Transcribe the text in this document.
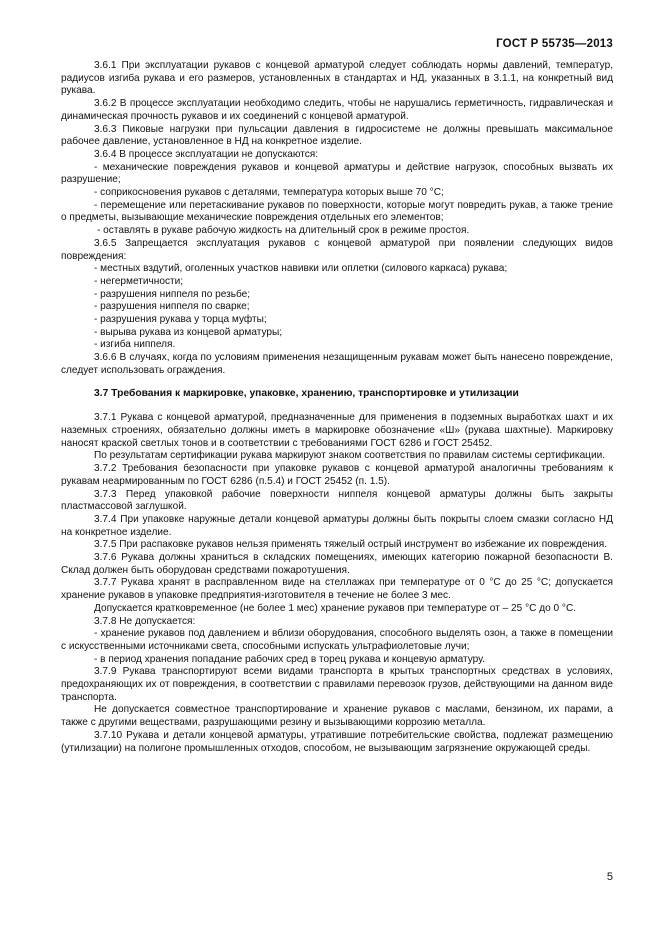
ГОСТ Р 55735—2013

3.6.1 При эксплуатации рукавов с концевой арматурой следует соблюдать нормы давлений, температур, радиусов изгиба рукава и его размеров, установленных в стандартах и НД, указанных в 3.1.1, на конкретный вид рукава.

3.6.2 В процессе эксплуатации необходимо следить, чтобы не нарушались герметичность, гидравлическая и динамическая прочность рукавов и их соединений с концевой арматурой.

3.6.3 Пиковые нагрузки при пульсации давления в гидросистеме не должны превышать максимальное рабочее давление, установленное в НД на конкретное изделие.

3.6.4 В процессе эксплуатации не допускаются:

- механические повреждения рукавов и концевой арматуры и действие нагрузок, способных вызвать их разрушение;

- соприкосновения рукавов с деталями, температура которых выше 70 °С;

- перемещение или перетаскивание рукавов по поверхности, которые могут повредить рукав, а также трение о предметы, вызывающие механические повреждения отдельных его элементов;

- оставлять в рукаве рабочую жидкость на длительный срок в режиме простоя.

3.6.5 Запрещается эксплуатация рукавов с концевой арматурой при появлении следующих видов повреждения:

- местных вздутий, оголенных участков навивки или оплетки (силового каркаса) рукава;

- негерметичности;

- разрушения ниппеля по резьбе;

- разрушения ниппеля по сварке;

- разрушения рукава у торца муфты;

- вырыва рукава из концевой арматуры;

- изгиба ниппеля.

3.6.6 В случаях, когда по условиям применения незащищенным рукавам может быть нанесено повреждение, следует использовать ограждения.

3.7 Требования к маркировке, упаковке, хранению, транспортировке и утилизации

3.7.1 Рукава с концевой арматурой, предназначенные для применения в подземных выработках шахт и их наземных строениях, обязательно должны иметь в маркировке обозначение «Ш» (рукава шахтные). Маркировку наносят краской светлых тонов и в соответствии с требованиями ГОСТ 6286 и ГОСТ 25452.

По результатам сертификации рукава маркируют знаком соответствия по правилам системы сертификации.

3.7.2 Требования безопасности при упаковке рукавов с концевой арматурой аналогичны требованиям к рукавам неармированным по ГОСТ 6286 (п.5.4) и ГОСТ 25452 (п. 1.5).

3.7.3 Перед упаковкой рабочие поверхности ниппеля концевой арматуры должны быть закрыты пластмассовой заглушкой.

3.7.4 При упаковке наружные детали концевой арматуры должны быть покрыты слоем смазки согласно НД на конкретное изделие.

3.7.5 При распаковке рукавов нельзя применять тяжелый острый инструмент во избежание их повреждения.

3.7.6 Рукава должны храниться в складских помещениях, имеющих категорию пожарной безопасности В. Склад должен быть оборудован средствами пожаротушения.

3.7.7 Рукава хранят в расправленном виде на стеллажах при температуре от 0 °С до 25 °С; допускается хранение рукавов в упаковке предприятия-изготовителя в течение не более 3 мес.

Допускается кратковременное (не более 1 мес) хранение рукавов при температуре от – 25 °С до 0 °С.

3.7.8 Не допускается:

- хранение рукавов под давлением и вблизи оборудования, способного выделять озон, а также в помещении с искусственными источниками света, способными испускать ультрафиолетовые лучи;

- в период хранения попадание рабочих сред в торец рукава и концевую арматуру.

3.7.9 Рукава транспортируют всеми видами транспорта в крытых транспортных средствах в условиях, предохраняющих их от повреждения, в соответствии с правилами перевозок грузов, действующими на данном виде транспорта.

Не допускается совместное транспортирование и хранение рукавов с маслами, бензином, их парами, а также с другими веществами, разрушающими резину и вызывающими коррозию металла.

3.7.10 Рукава и детали концевой арматуры, утратившие потребительские свойства, подлежат размещению (утилизации) на полигоне промышленных отходов, способом, не вызывающим загрязнение окружающей среды.

5
